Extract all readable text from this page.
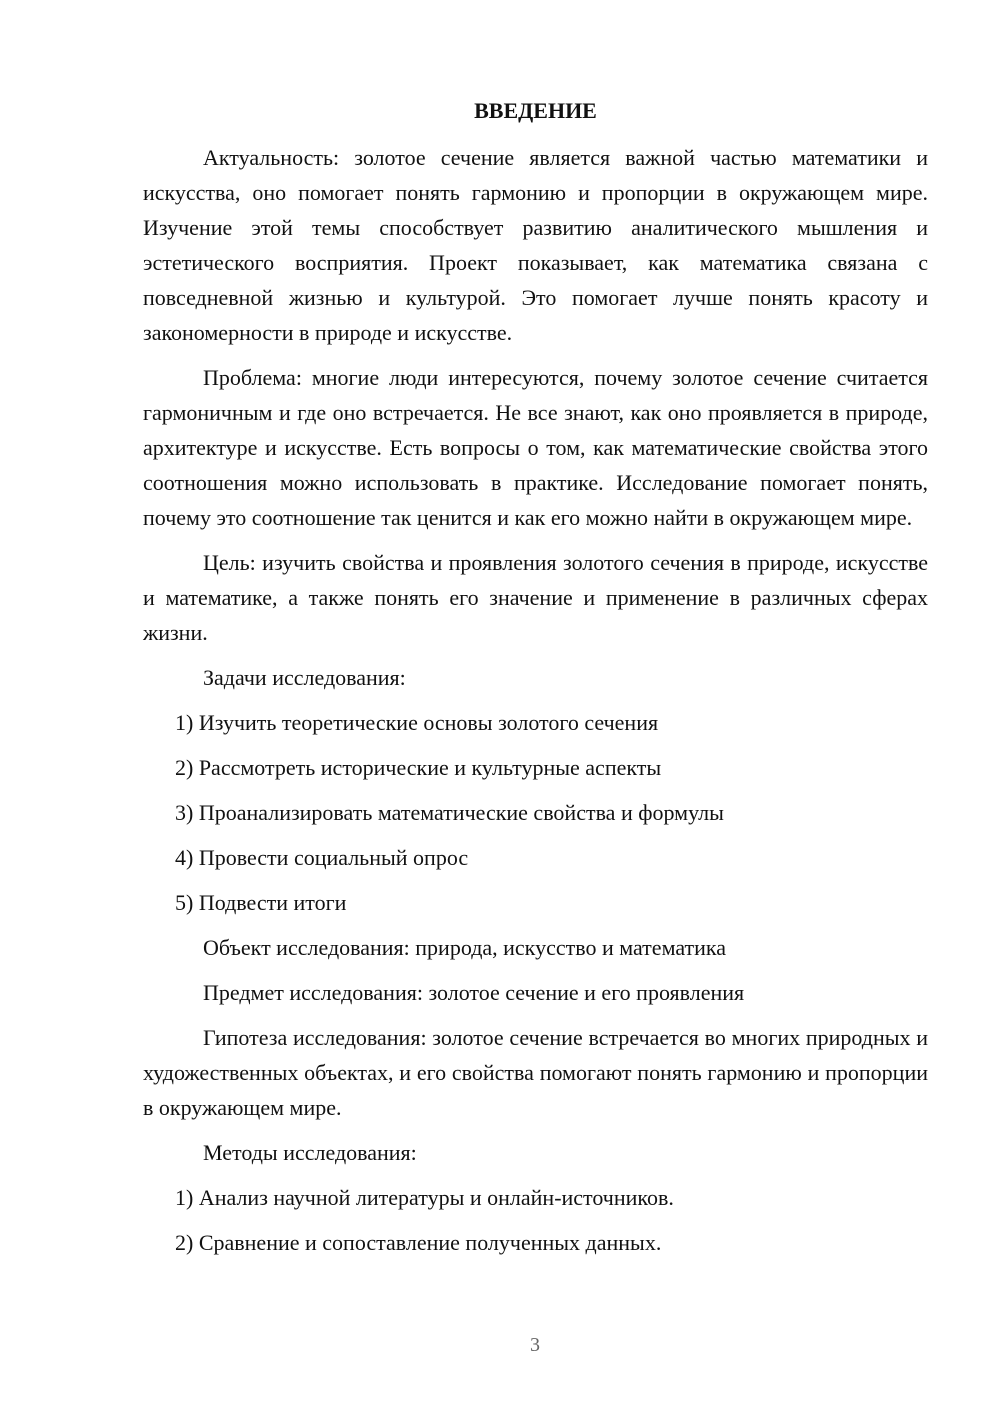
ВВЕДЕНИЕ

Актуальность: золотое сечение является важной частью математики и искусства, оно помогает понять гармонию и пропорции в окружающем мире. Изучение этой темы способствует развитию аналитического мышления и эстетического восприятия. Проект показывает, как математика связана с повседневной жизнью и культурой. Это помогает лучше понять красоту и закономерности в природе и искусстве.

Проблема: многие люди интересуются, почему золотое сечение считается гармоничным и где оно встречается. Не все знают, как оно проявляется в природе, архитектуре и искусстве. Есть вопросы о том, как математические свойства этого соотношения можно использовать в практике. Исследование помогает понять, почему это соотношение так ценится и как его можно найти в окружающем мире.

Цель: изучить свойства и проявления золотого сечения в природе, искусстве и математике, а также понять его значение и применение в различных сферах жизни.

Задачи исследования:

1) Изучить теоретические основы золотого сечения

2) Рассмотреть исторические и культурные аспекты

3) Проанализировать математические свойства и формулы

4) Провести социальный опрос

5) Подвести итоги

Объект исследования: природа, искусство и математика

Предмет исследования: золотое сечение и его проявления

Гипотеза исследования: золотое сечение встречается во многих природных и художественных объектах, и его свойства помогают понять гармонию и пропорции в окружающем мире.

Методы исследования:

1) Анализ научной литературы и онлайн-источников.

2) Сравнение и сопоставление полученных данных.

3
